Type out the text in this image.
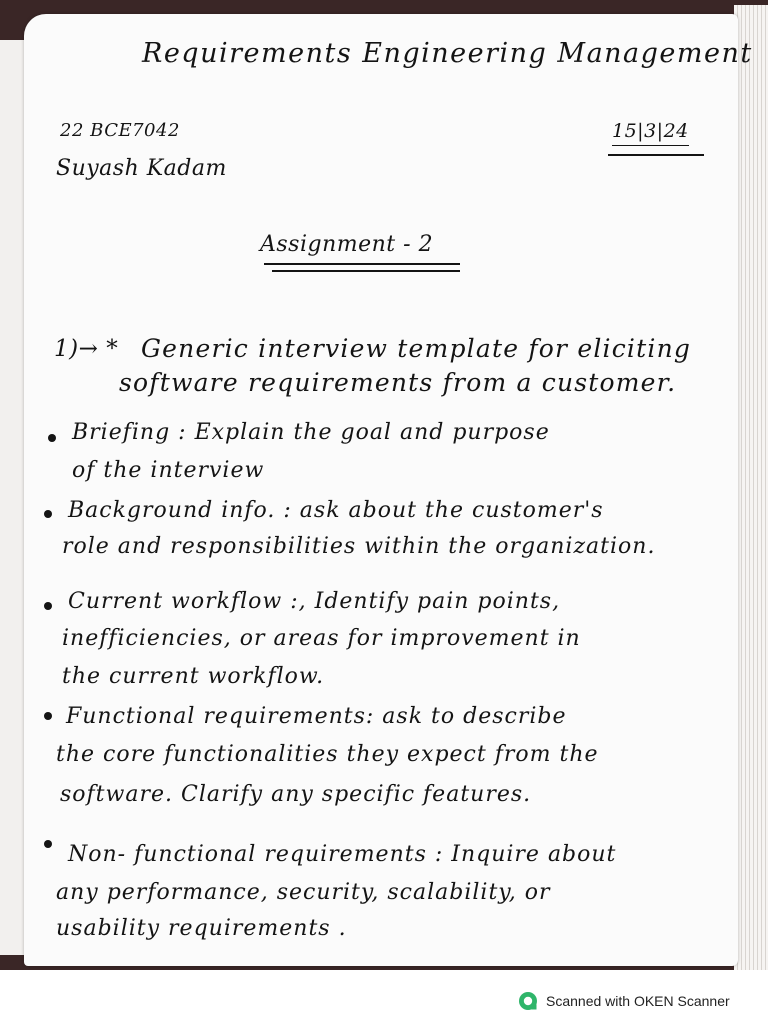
Requirements Engineering Management
22 BCE7042
Suyash Kadam
15|3|24
Assignment - 2
1)→ * Generic interview template for eliciting
software requirements from a customer.
Briefing : Explain the goal and purpose
of the interview
Background info. : ask about the customer's
role and responsibilities within the organization.
Current workflow :, Identify pain points,
inefficiencies, or areas for improvement in
the current workflow.
Functional requirements: ask to describe
the core functionalities they expect from the
software. Clarify any specific features.
Non- functional requirements : Inquire about
any performance, security, scalability, or
usability requirements .
Scanned with OKEN Scanner
